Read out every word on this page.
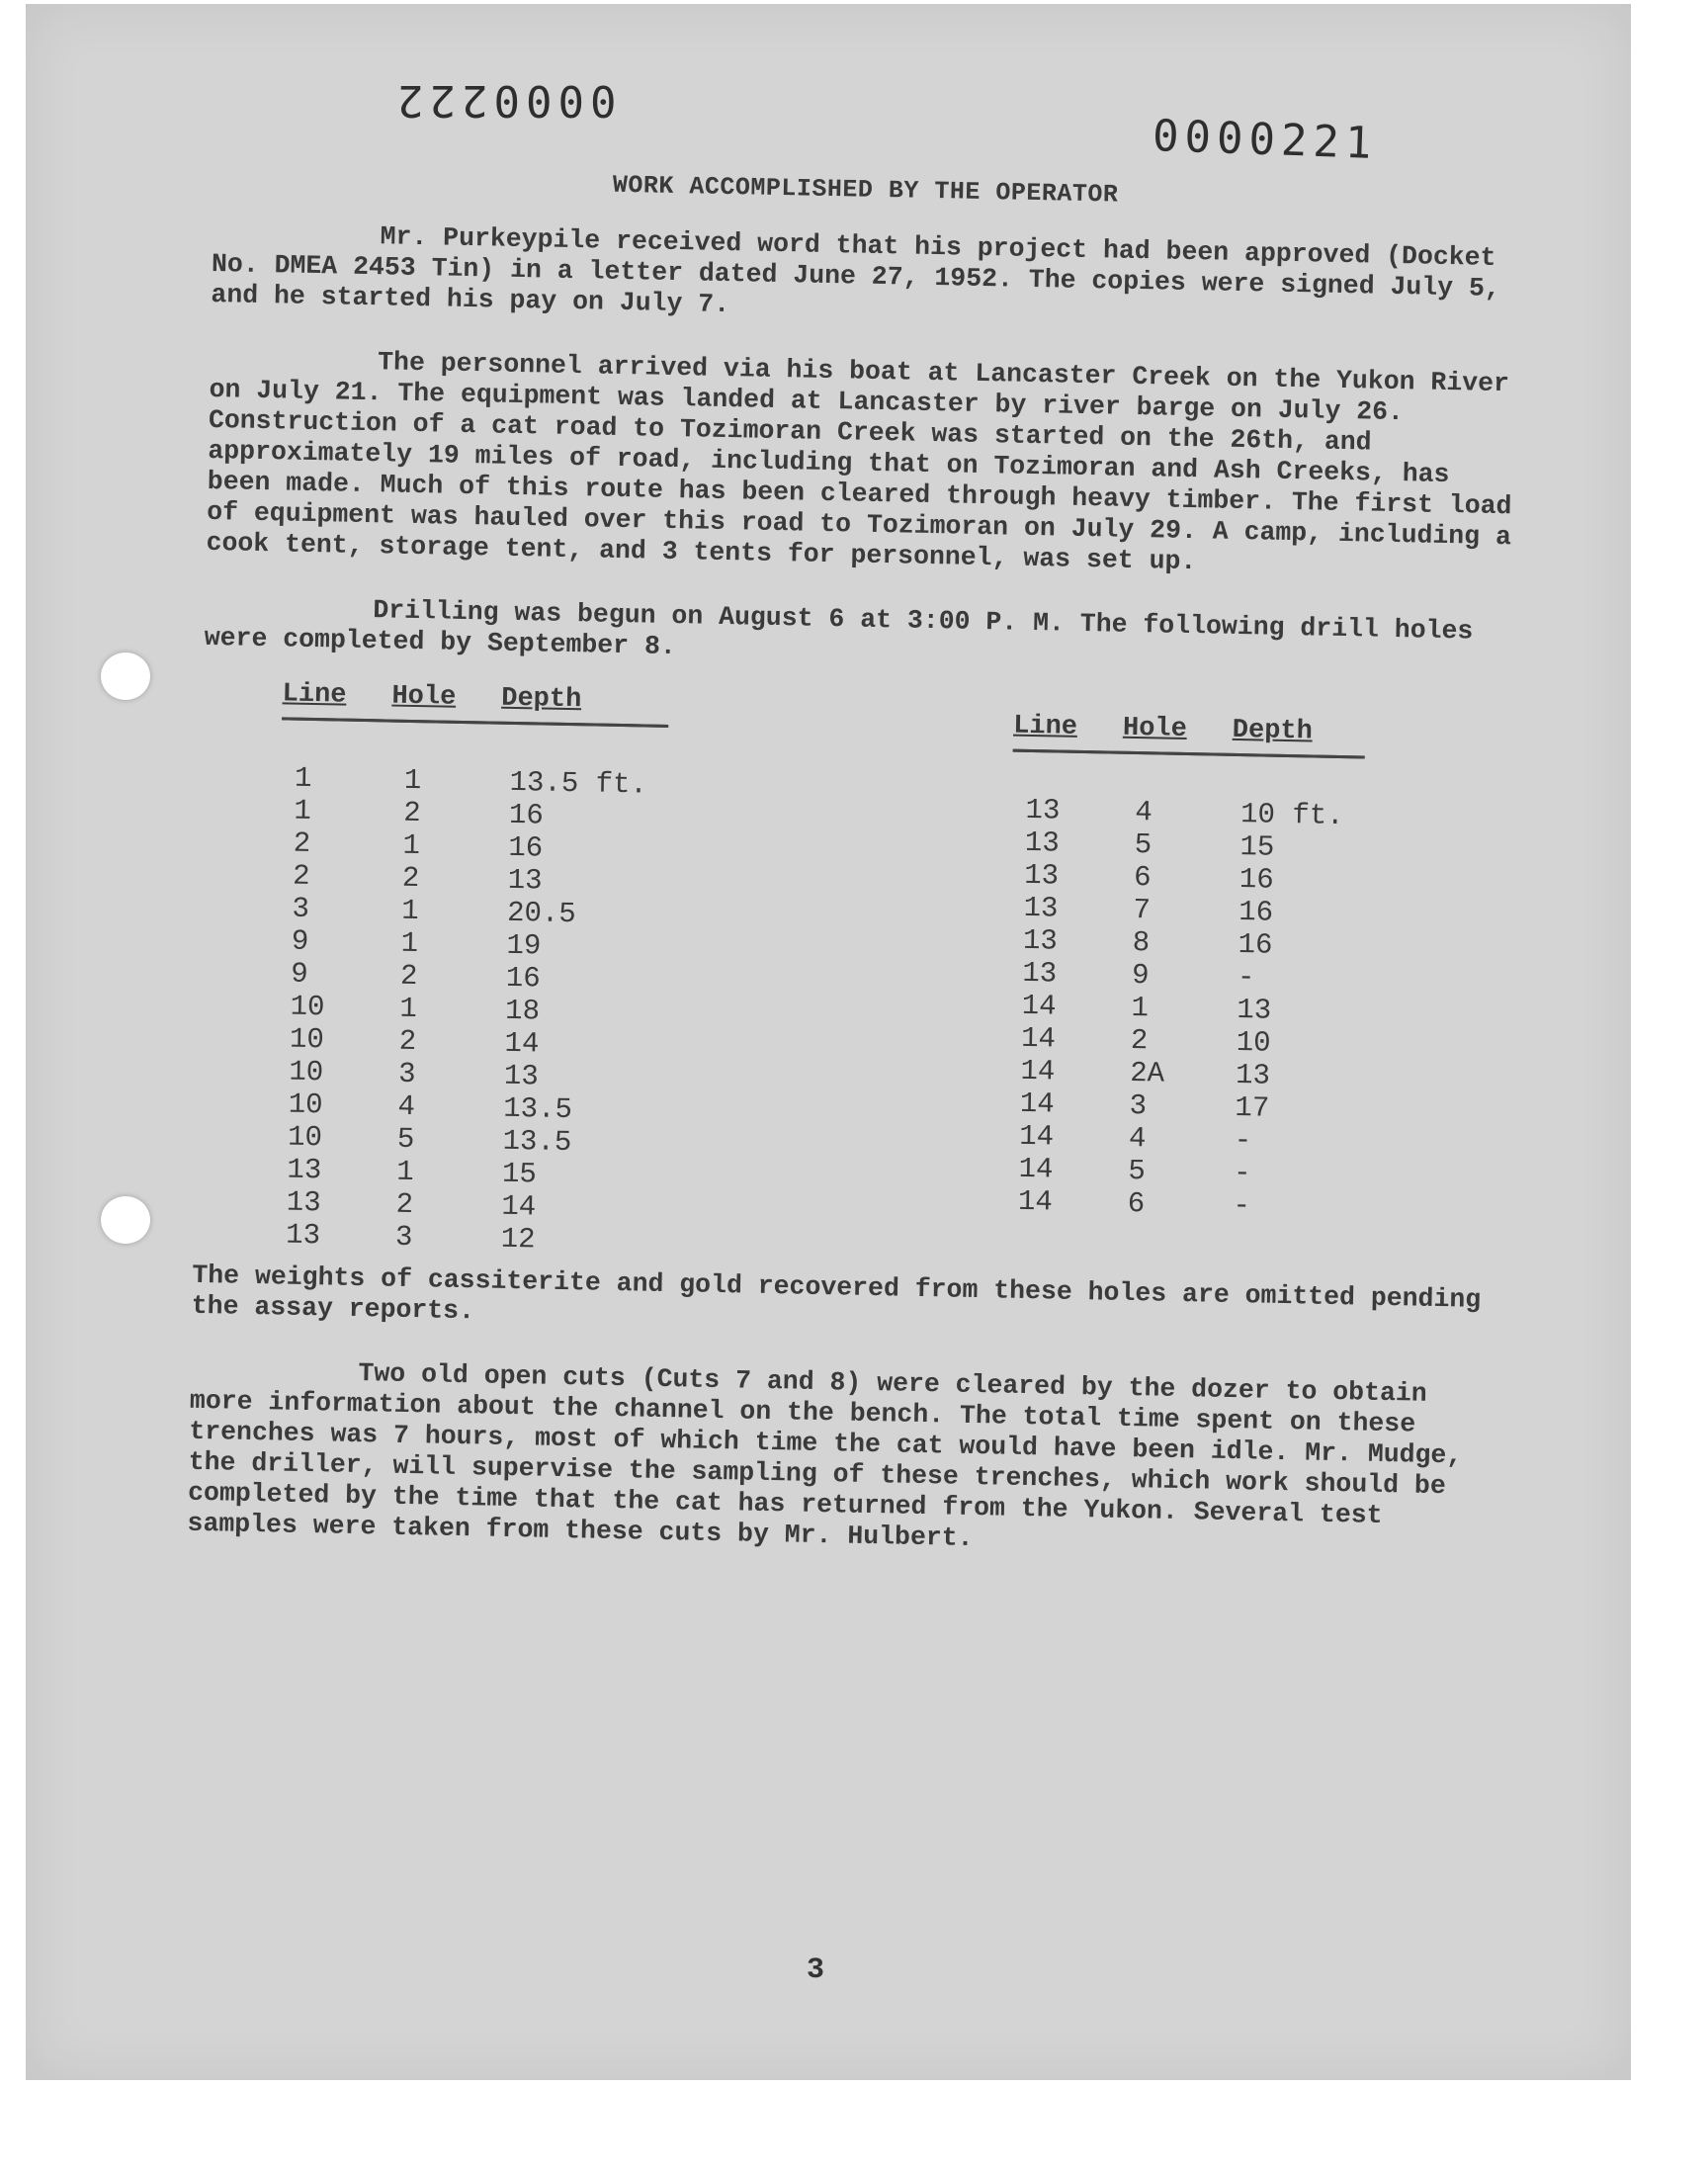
0000222
0000221
WORK ACCOMPLISHED BY THE OPERATOR

Mr. Purkeypile received word that his project had been approved (Docket No. DMEA 2453 Tin) in a letter dated June 27, 1952. The copies were signed July 5, and he started his pay on July 7.

The personnel arrived via his boat at Lancaster Creek on the Yukon River on July 21. The equipment was landed at Lancaster by river barge on July 26. Construction of a cat road to Tozimoran Creek was started on the 26th, and approximately 19 miles of road, including that on Tozimoran and Ash Creeks, has been made. Much of this route has been cleared through heavy timber. The first load of equipment was hauled over this road to Tozimoran on July 29. A camp, including a cook tent, storage tent, and 3 tents for personnel, was set up.

Drilling was begun on August 6 at 3:00 P. M. The following drill holes were completed by September 8.

Line	Hole	Depth
1	1	13.5 ft.
1	2	16
2	1	16
2	2	13
3	1	20.5
9	1	19
9	2	16
10	1	18
10	2	14
10	3	13
10	4	13.5
10	5	13.5
13	1	15
13	2	14
13	3	12
Line	Hole	Depth
13	4	10 ft.
13	5	15
13	6	16
13	7	16
13	8	16
13	9	-
14	1	13
14	2	10
14	2A	13
14	3	17
14	4	-
14	5	-
14	6	-

The weights of cassiterite and gold recovered from these holes are omitted pending the assay reports.

Two old open cuts (Cuts 7 and 8) were cleared by the dozer to obtain more information about the channel on the bench. The total time spent on these trenches was 7 hours, most of which time the cat would have been idle. Mr. Mudge, the driller, will supervise the sampling of these trenches, which work should be completed by the time that the cat has returned from the Yukon. Several test samples were taken from these cuts by Mr. Hulbert.

3
